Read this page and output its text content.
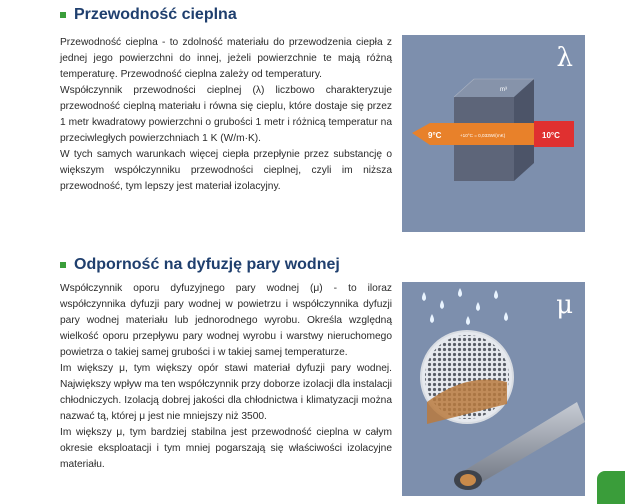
Przewodność cieplna

Przewodność cieplna - to zdolność materiału do przewodzenia ciepła z jednej jego powierzchni do innej, jeżeli powierzchnie te mają różną temperaturę. Przewodność cieplna zależy od temperatury.

Współczynnik przewodności cieplnej (λ) liczbowo charakteryzuje przewodność cieplną materiału i równa się cieplu, które dostaje się przez 1 metr kwadratowy powierzchni o grubości 1 metr i różnicą temperatur na przeciwległych powierzchniach 1 K (W/m·K).

W tych samych warunkach więcej ciepła przepłynie przez substancję o większym współczynniku przewodności cieplnej, czyli im niższa przewodność, tym lepszy jest materiał izolacyjny.

λ
9°C	+10°C = 0,033W/(mK)	10°C
m³
Odporność na dyfuzję pary wodnej

Współczynnik oporu dyfuzyjnego pary wodnej (μ) - to iloraz współczynnika dyfuzji pary wodnej w powietrzu i współczynnika dyfuzji pary wodnej materiału lub jednorodnego wyrobu. Określa względną wielkość oporu przepływu pary wodnej wyrobu i warstwy nieruchomego powietrza o takiej samej grubości i w takiej samej temperaturze.

Im większy μ, tym większy opór stawi materiał dyfuzji pary wodnej. Największy wpływ ma ten współczynnik przy doborze izolacji dla instalacji chłodniczych. Izolacją dobrej jakości dla chłodnictwa i klimatyzacji można nazwać tą, której μ jest nie mniejszy niż 3500.

Im większy μ, tym bardziej stabilna jest przewodność cieplna w całym okresie eksploatacji i tym mniej pogarszają się właściwości izolacyjne materiału.

μ
